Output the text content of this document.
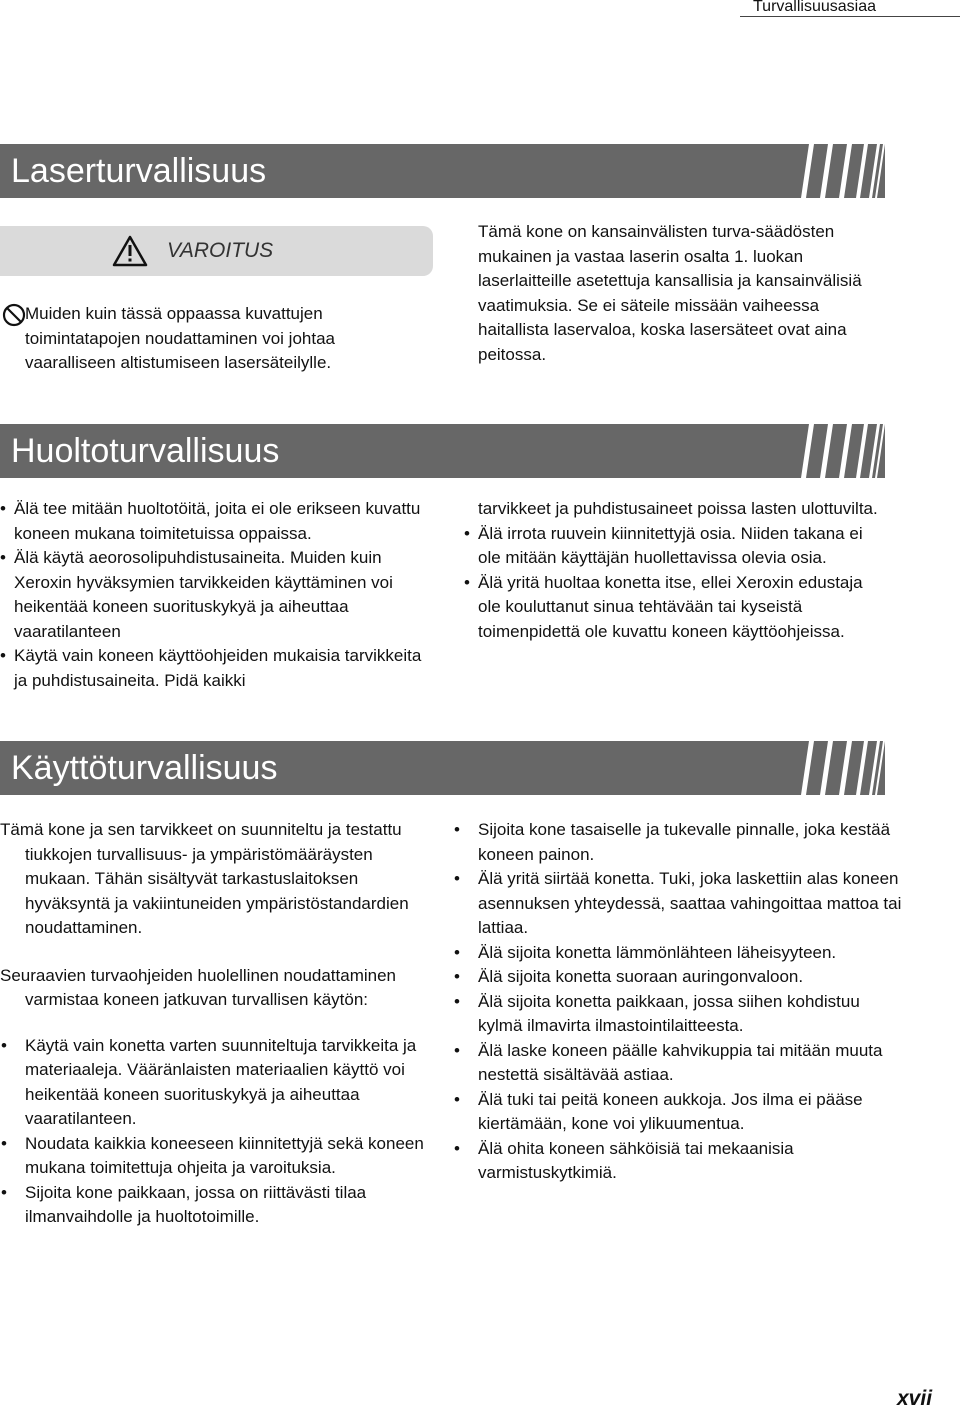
Turvallisuusasiaa
Laserturvallisuus
VAROITUS

Muiden kuin tässä oppaassa kuvattujen toimintatapojen noudattaminen voi johtaa vaaralliseen altistumiseen lasersäteilylle.

Tämä kone on kansainvälisten turva-säädösten mukainen ja vastaa laserin osalta 1. luokan laserlaitteille asetettuja kansallisia ja kansainvälisiä vaatimuksia. Se ei säteile missään vaiheessa haitallista laservaloa, koska lasersäteet ovat aina peitossa.

Huoltoturvallisuus
• Älä tee mitään huoltotöitä, joita ei ole erikseen kuvattu koneen mukana toimitetuissa oppaissa.
• Älä käytä aeorosolipuhdistusaineita. Muiden kuin Xeroxin hyväksymien tarvikkeiden käyttäminen voi heikentää koneen suorituskykyä ja aiheuttaa vaaratilanteen
• Käytä vain koneen käyttöohjeiden mukaisia tarvikkeita ja puhdistusaineita. Pidä kaikki

tarvikkeet ja puhdistusaineet poissa lasten ulottuvilta.

• Älä irrota ruuvein kiinnitettyjä osia. Niiden takana ei ole mitään käyttäjän huollettavissa olevia osia.
• Älä yritä huoltaa konetta itse, ellei Xeroxin edustaja ole kouluttanut sinua tehtävään tai kyseistä toimenpidettä ole kuvattu koneen käyttöohjeissa.
Käyttöturvallisuus

Tämä kone ja sen tarvikkeet on suunniteltu ja testattu tiukkojen turvallisuus- ja ympäristömääräysten mukaan. Tähän sisältyvät tarkastuslaitoksen hyväksyntä ja vakiintuneiden ympäristöstandardien noudattaminen.

Seuraavien turvaohjeiden huolellinen noudattaminen varmistaa koneen jatkuvan turvallisen käytön:

• Käytä vain konetta varten suunniteltuja tarvikkeita ja materiaaleja. Vääränlaisten materiaalien käyttö voi heikentää koneen suorituskykyä ja aiheuttaa vaaratilanteen.
• Noudata kaikkia koneeseen kiinnitettyjä sekä koneen mukana toimitettuja ohjeita ja varoituksia.
• Sijoita kone paikkaan, jossa on riittävästi tilaa ilmanvaihdolle ja huoltotoimille.
• Sijoita kone tasaiselle ja tukevalle pinnalle, joka kestää koneen painon.
• Älä yritä siirtää konetta. Tuki, joka laskettiin alas koneen asennuksen yhteydessä, saattaa vahingoittaa mattoa tai lattiaa.
• Älä sijoita konetta lämmönlähteen läheisyyteen.
• Älä sijoita konetta suoraan auringonvaloon.
• Älä sijoita konetta paikkaan, jossa siihen kohdistuu kylmä ilmavirta ilmastointilaitteesta.
• Älä laske koneen päälle kahvikuppia tai mitään muuta nestettä sisältävää astiaa.
• Älä tuki tai peitä koneen aukkoja. Jos ilma ei pääse kiertämään, kone voi ylikuumentua.
• Älä ohita koneen sähköisiä tai mekaanisia varmistuskytkimiä.
xvii
